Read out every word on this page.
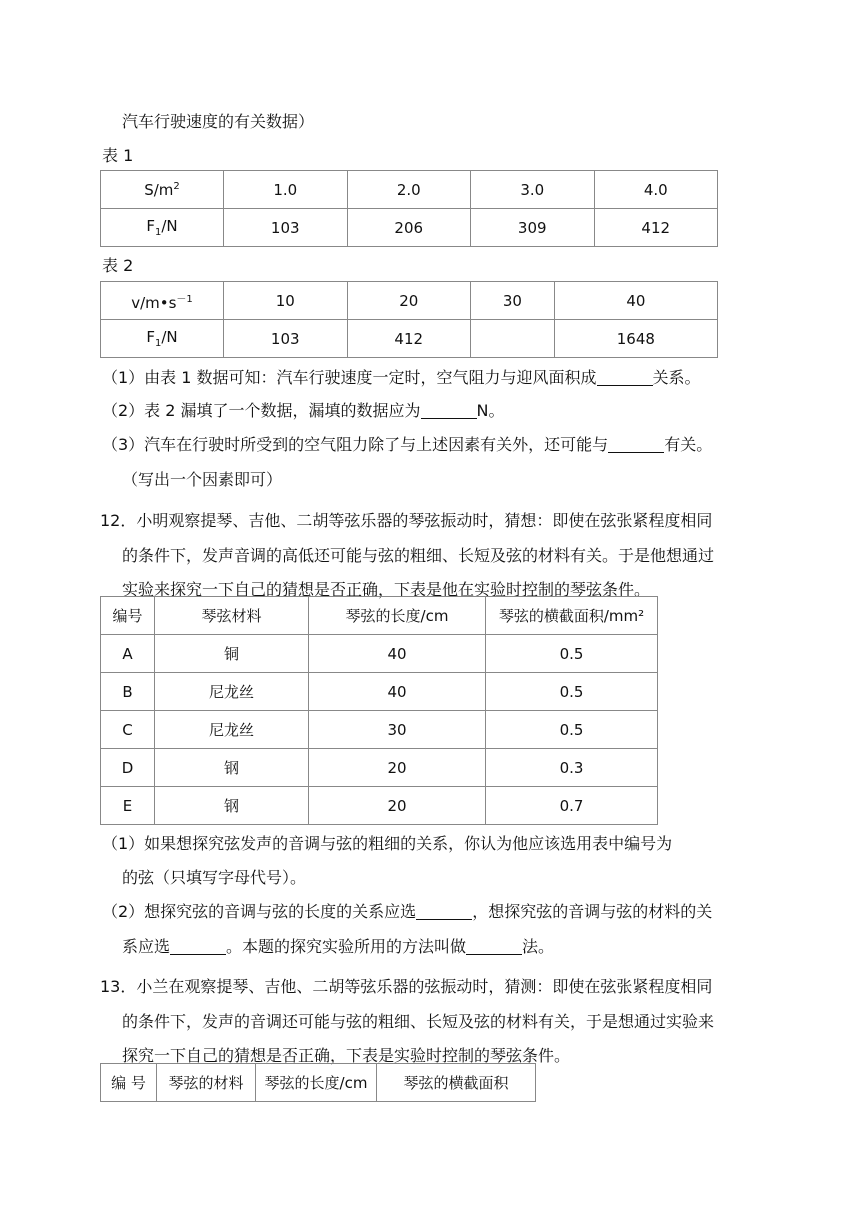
汽车行驶速度的有关数据）
表 1
$S/m^2$	1.0	2.0	3.0	4.0
$F_1/N$	103	206	309	412
表 2
$v/m•s^{-1}$	10	20	30	40
$F_1/N$	103	412		1648
（1）由表 1 数据可知：汽车行驶速度一定时，空气阻力与迎风面积成	关系。
（2）表 2 漏填了一个数据，漏填的数据应为	N。
（3）汽车在行驶时所受到的空气阻力除了与上述因素有关外，还可能与	有关。
（写出一个因素即可）
12．小明观察提琴、吉他、二胡等弦乐器的琴弦振动时，猜想：即使在弦张紧程度相同
的条件下，发声音调的高低还可能与弦的粗细、长短及弦的材料有关。于是他想通过
实验来探究一下自己的猜想是否正确，下表是他在实验时控制的琴弦条件。
编号	琴弦材料	琴弦的长度/cm	琴弦的横截面积/mm²
A	铜	40	0.5
B	尼龙丝	40	0.5
C	尼龙丝	30	0.5
D	钢	20	0.3
E	钢	20	0.7
（1）如果想探究弦发声的音调与弦的粗细的关系，你认为他应该选用表中编号为
的弦（只填写字母代号）。
（2）想探究弦的音调与弦的长度的关系应选	，想探究弦的音调与弦的材料的关
系应选	。本题的探究实验所用的方法叫做	法。
13．小兰在观察提琴、吉他、二胡等弦乐器的弦振动时，猜测：即使在弦张紧程度相同
的条件下，发声的音调还可能与弦的粗细、长短及弦的材料有关，于是想通过实验来
探究一下自己的猜想是否正确，下表是实验时控制的琴弦条件。
编 号	琴弦的材料	琴弦的长度/cm	琴弦的横截面积
